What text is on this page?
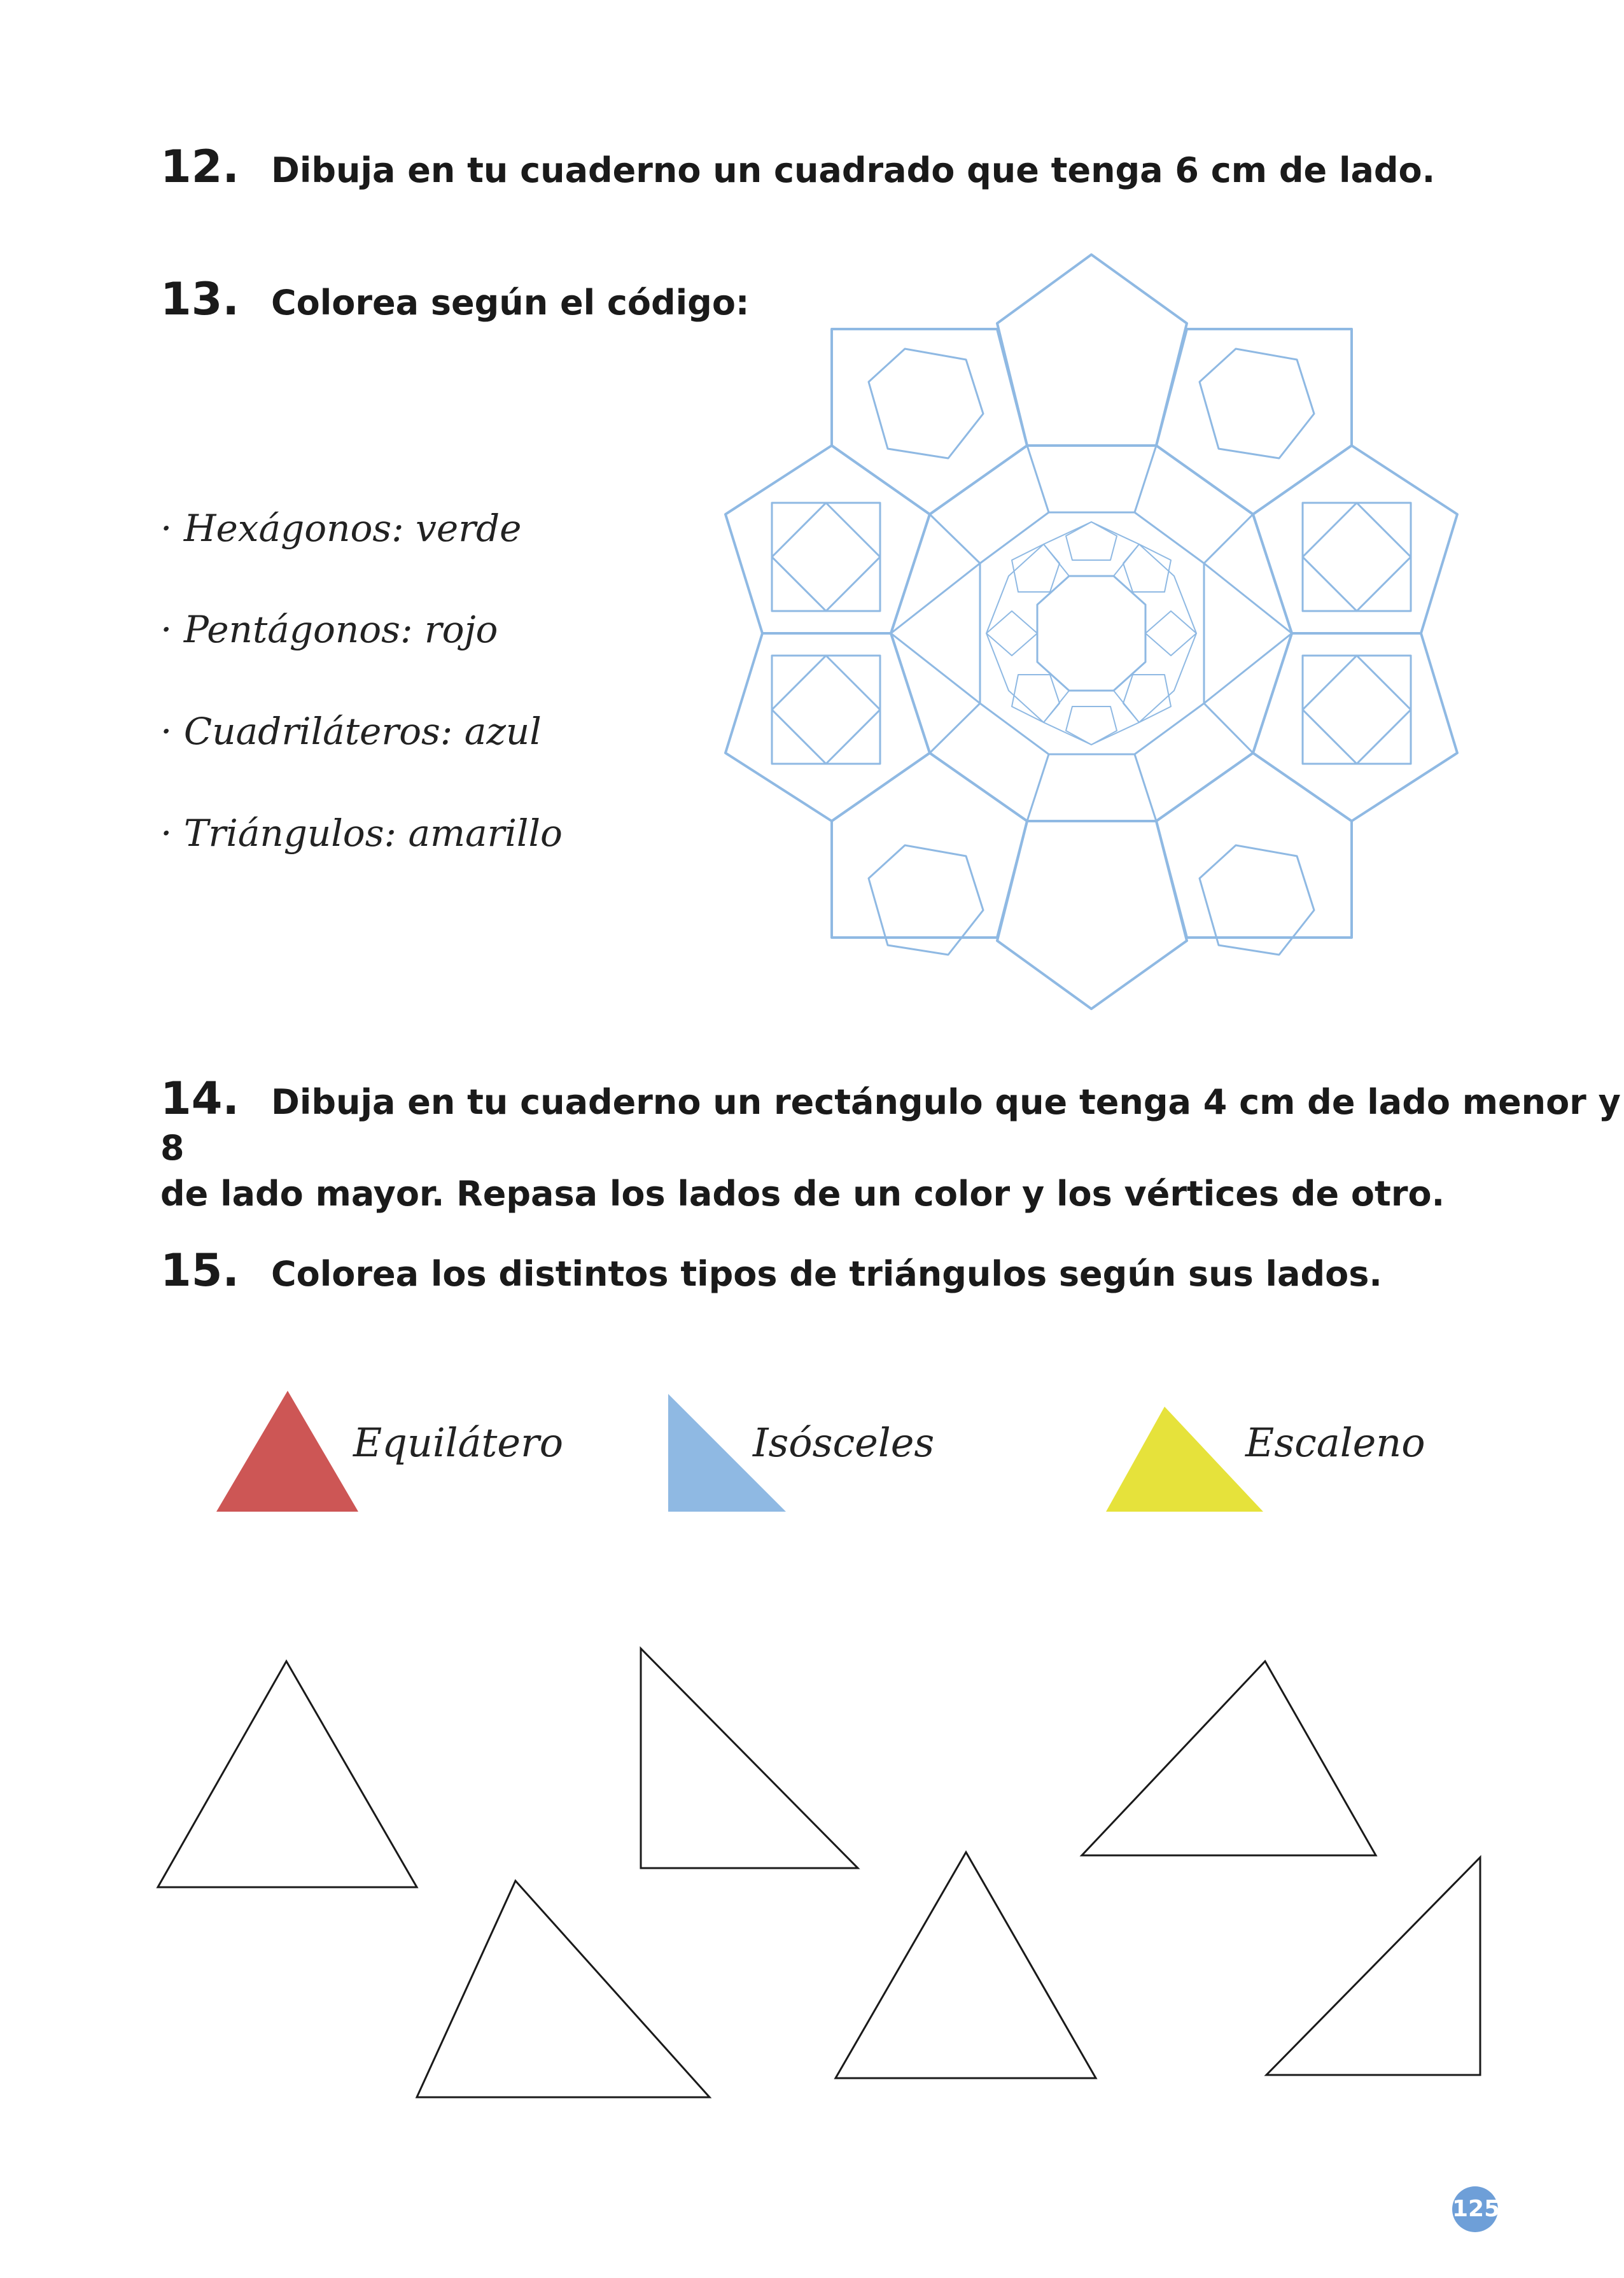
12. Dibuja en tu cuaderno un cuadrado que tenga 6 cm de lado.
13. Colorea según el código:
· Hexágonos: verde
· Pentágonos: rojo
· Cuadriláteros: azul
· Triángulos: amarillo
14. Dibuja en tu cuaderno un rectángulo que tenga 4 cm de lado menor y 8
de lado mayor. Repasa los lados de un color y los vértices de otro.
15. Colorea los distintos tipos de triángulos según sus lados.
Equilátero	Isósceles	Escaleno
125
